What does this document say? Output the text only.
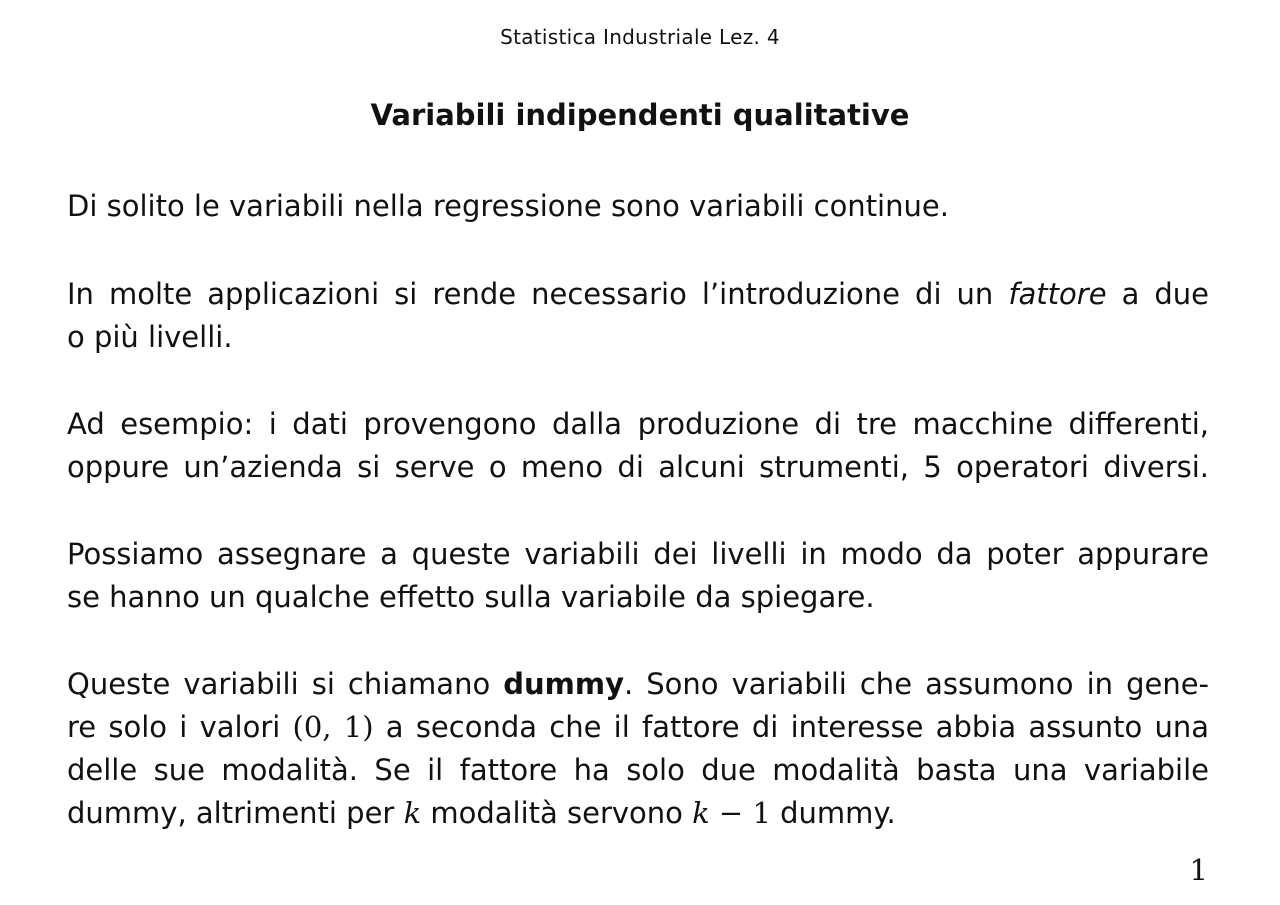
Statistica Industriale Lez. 4
Variabili indipendenti qualitative
Di solito le variabili nella regressione sono variabili continue.
In molte applicazioni si rende necessario l’introduzione di un fattore a due
o più livelli.
Ad esempio: i dati provengono dalla produzione di tre macchine differenti,
oppure un’azienda si serve o meno di alcuni strumenti, 5 operatori diversi.
Possiamo assegnare a queste variabili dei livelli in modo da poter appurare
se hanno un qualche effetto sulla variabile da spiegare.
Queste variabili si chiamano dummy. Sono variabili che assumono in gene-
re solo i valori (0, 1) a seconda che il fattore di interesse abbia assunto una
delle sue modalità. Se il fattore ha solo due modalità basta una variabile
dummy, altrimenti per k modalità servono k − 1 dummy.
1
